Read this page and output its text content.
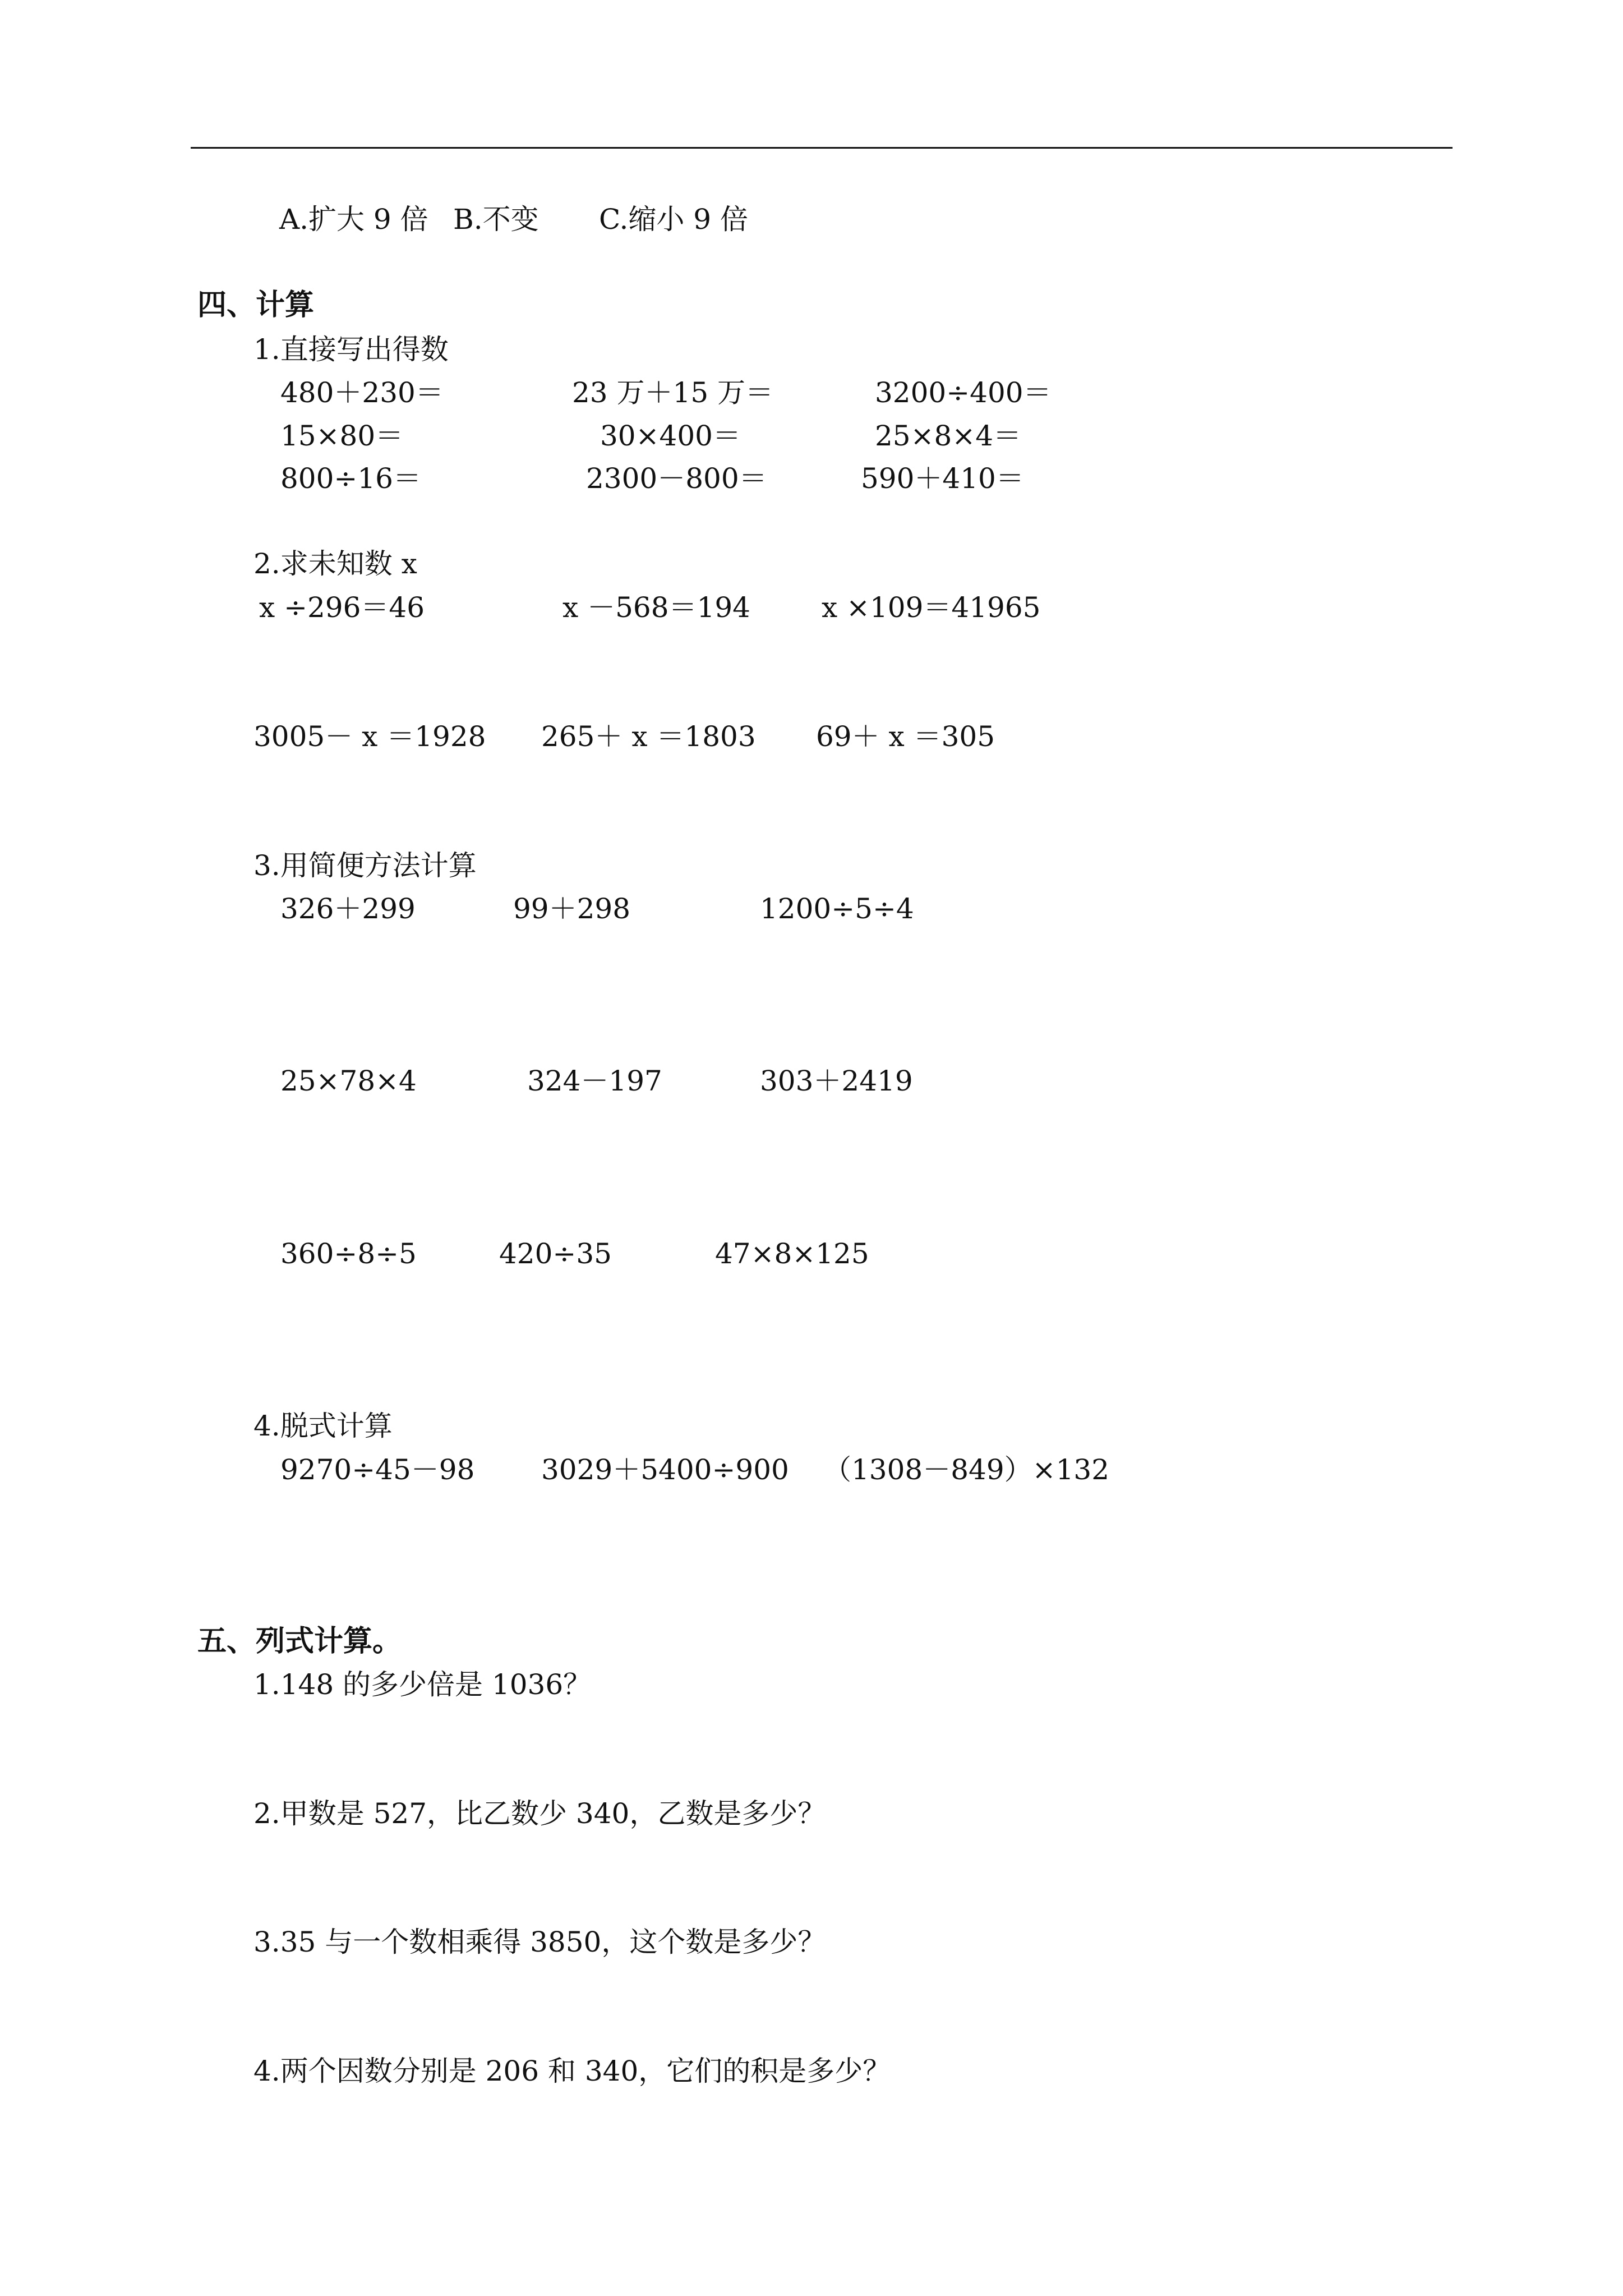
A.扩大 9 倍 B.不变 C.缩小 9 倍
四、计算
1.直接写出得数
480＋230＝	23 万＋15 万＝	3200÷400＝
15×80＝	30×400＝	25×8×4＝
800÷16＝	2300－800＝	590＋410＝
2.求未知数 x
x ÷296＝46	x －568＝194	x ×109＝41965
3005－ x ＝1928 265＋ x ＝1803 69＋ x ＝305
3.用简便方法计算
326＋299	99＋298	1200÷5÷4
25×78×4	324－197	303＋2419
360÷8÷5	420÷35	47×8×125
4.脱式计算
9270÷45－98 3029＋5400÷900 （1308－849）×132
五、列式计算。
1.148 的多少倍是 1036？
2.甲数是 527，比乙数少 340，乙数是多少？
3.35 与一个数相乘得 3850，这个数是多少？
4.两个因数分别是 206 和 340，它们的积是多少？
